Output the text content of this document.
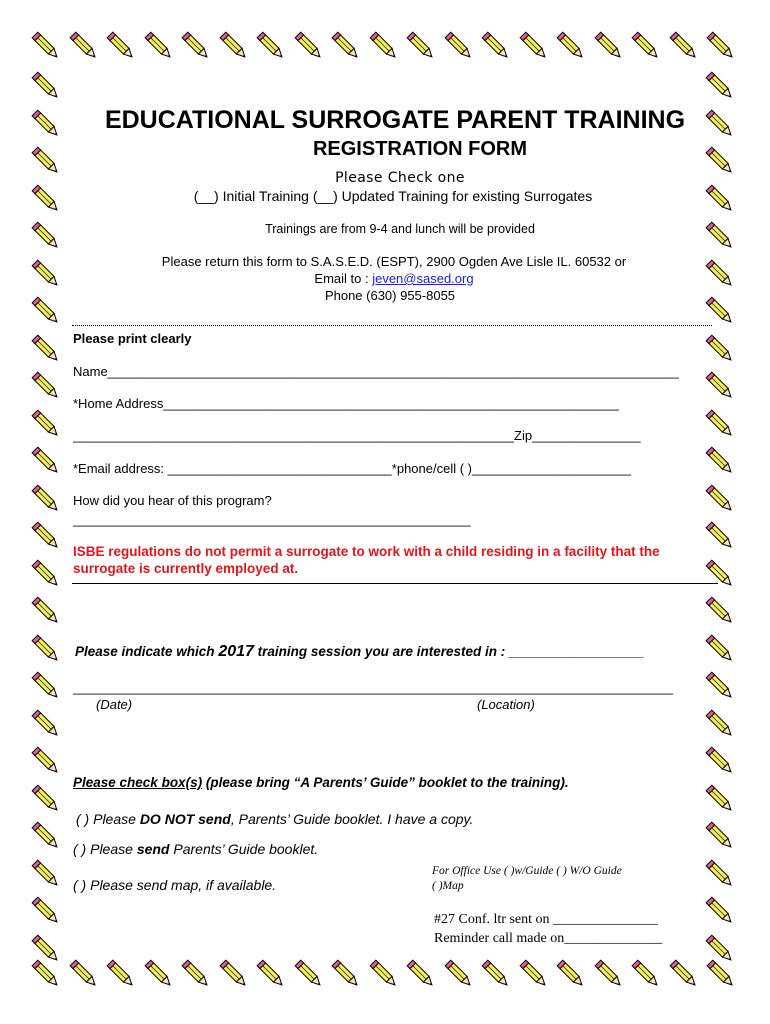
EDUCATIONAL SURROGATE PARENT TRAINING
REGISTRATION FORM
Please Check one
(__) Initial Training (__) Updated Training for existing Surrogates
Trainings are from 9-4 and lunch will be provided
Please return this form to S.A.S.E.D. (ESPT), 2900 Ogden Ave Lisle IL. 60532 or
Email to : jeven@sased.org
Phone (630) 955-8055
Please print clearly
Name_______________________________________________________________________________
*Home Address_______________________________________________________________
_____________________________________________________________Zip_______________
*Email address: _______________________________*phone/cell ( )______________________
How did you hear of this program?
_______________________________________________________
ISBE regulations do not permit a surrogate to work with a child residing in a facility that the surrogate is currently employed at.
Please indicate which 2017 training session you are interested in : __________________
___________________________________________________________________________________
(Date)	(Location)
Please check box(s) (please bring “A Parents’ Guide” booklet to the training).
( ) Please DO NOT send, Parents’ Guide booklet. I have a copy.
( ) Please send Parents’ Guide booklet.
( ) Please send map, if available.
For Office Use ( )w/Guide ( ) W/O Guide
( )Map
#27 Conf. ltr sent on _______________
Reminder call made on______________
